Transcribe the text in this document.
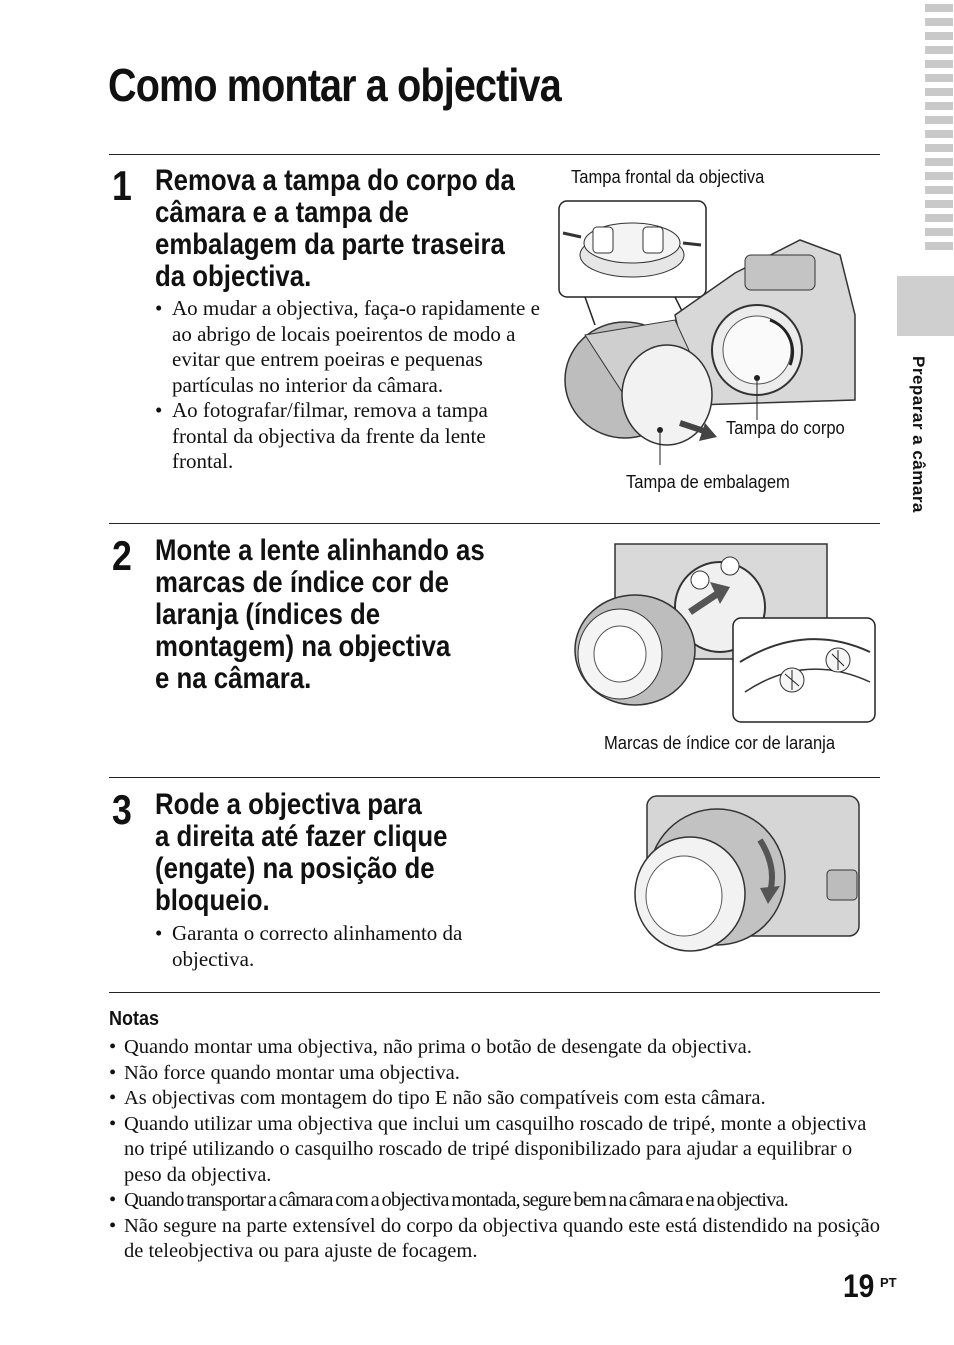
Como montar a objectiva
Preparar a câmara
1 Remova a tampa do corpo da
câmara e a tampa de
embalagem da parte traseira
da objectiva.
• Ao mudar a objectiva, faça-o rapidamente e ao abrigo de locais poeirentos de modo a evitar que entrem poeiras e pequenas partículas no interior da câmara.
• Ao fotografar/filmar, remova a tampa frontal da objectiva da frente da lente frontal.
Tampa frontal da objectiva
Tampa do corpo
Tampa de embalagem
2 Monte a lente alinhando as
marcas de índice cor de
laranja (índices de
montagem) na objectiva
e na câmara.
Marcas de índice cor de laranja
3 Rode a objectiva para
a direita até fazer clique
(engate) na posição de
bloqueio.
• Garanta o correcto alinhamento da objectiva.
Notas
• Quando montar uma objectiva, não prima o botão de desengate da objectiva.
• Não force quando montar uma objectiva.
• As objectivas com montagem do tipo E não são compatíveis com esta câmara.
• Quando utilizar uma objectiva que inclui um casquilho roscado de tripé, monte a objectiva no tripé utilizando o casquilho roscado de tripé disponibilizado para ajudar a equilibrar o peso da objectiva.
• Quando transportar a câmara com a objectiva montada, segure bem na câmara e na objectiva.
• Não segure na parte extensível do corpo da objectiva quando este está distendido na posição de teleobjectiva ou para ajuste de focagem.
19 PT
